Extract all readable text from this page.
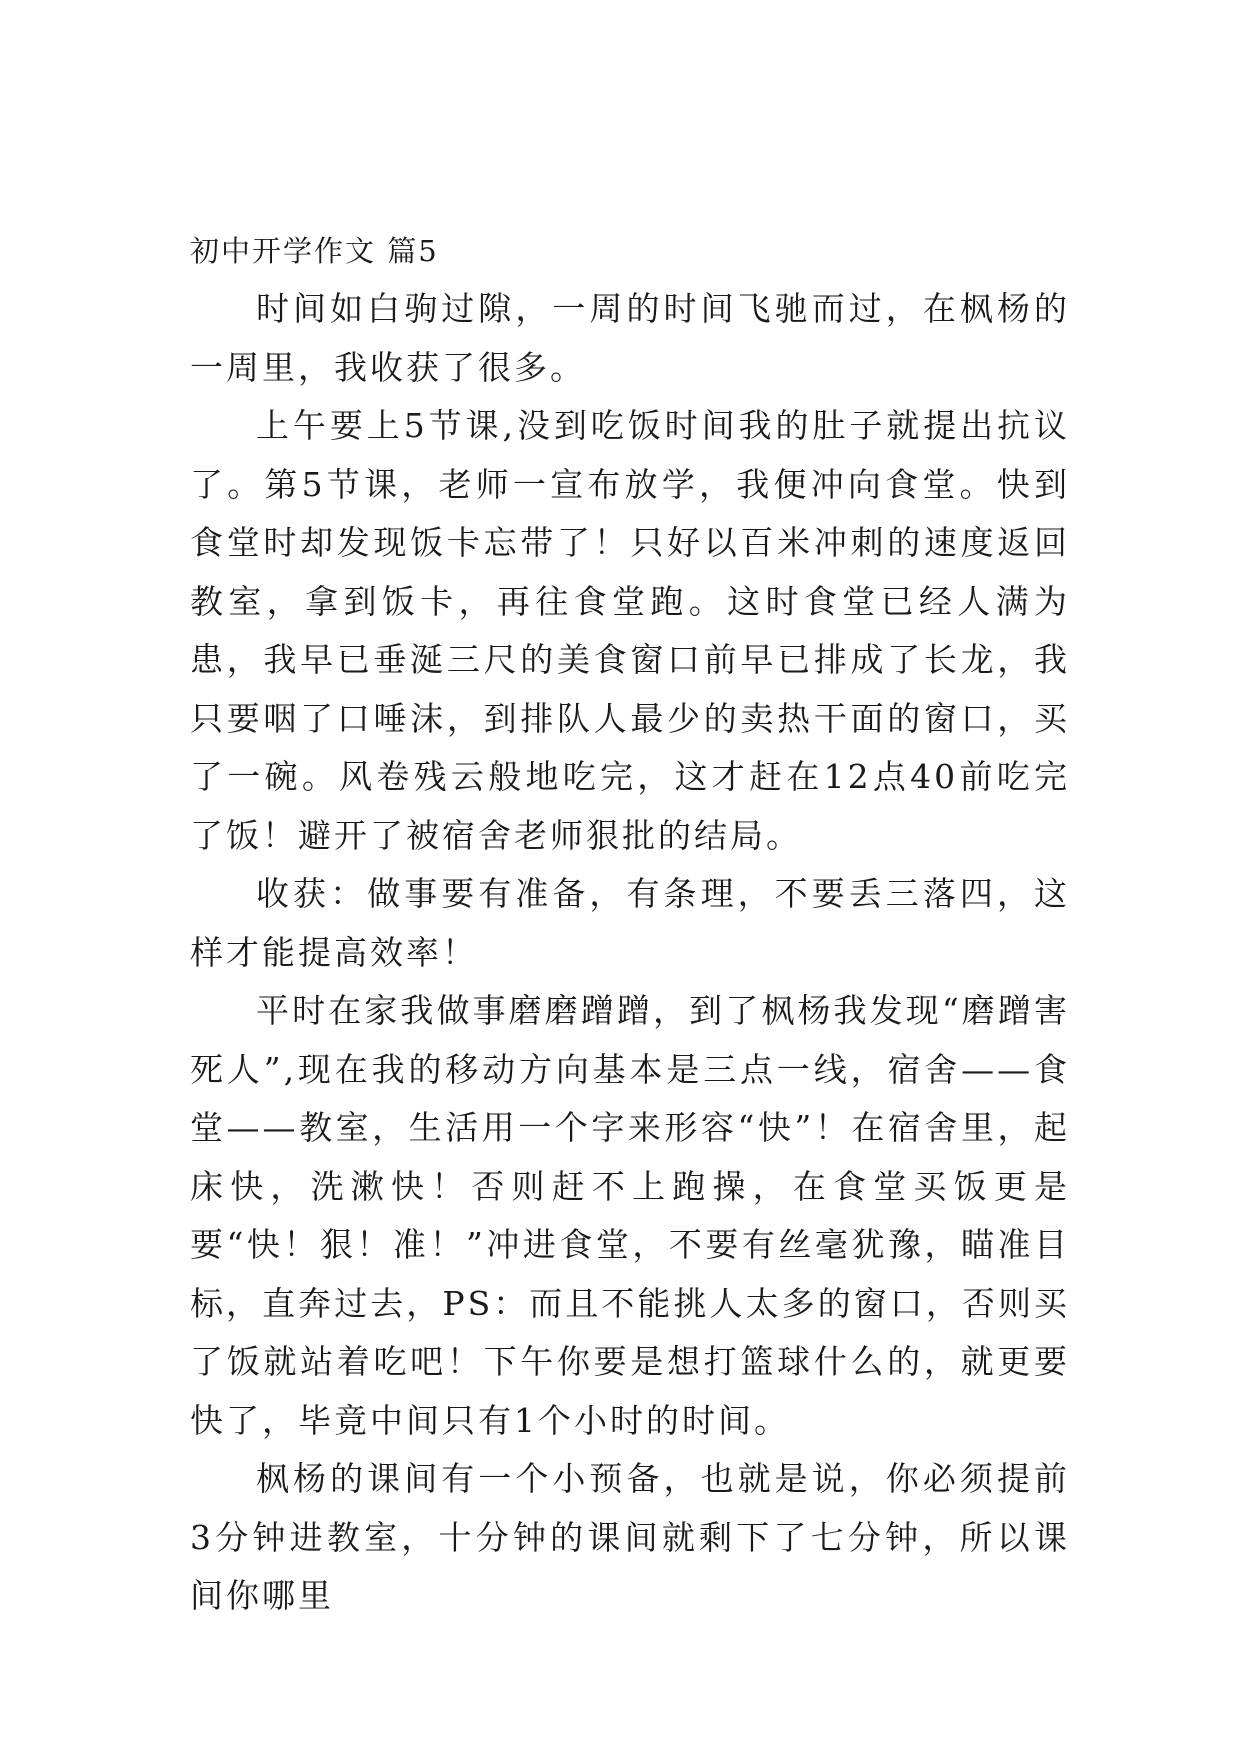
初中开学作文 篇5

时间如白驹过隙，一周的时间飞驰而过，在枫杨的一周里，我收获了很多。

上午要上5节课,没到吃饭时间我的肚子就提出抗议了。第5节课，老师一宣布放学，我便冲向食堂。快到食堂时却发现饭卡忘带了！只好以百米冲刺的速度返回教室，拿到饭卡，再往食堂跑。这时食堂已经人满为患，我早已垂涎三尺的美食窗口前早已排成了长龙，我只要咽了口唾沫，到排队人最少的卖热干面的窗口，买了一碗。风卷残云般地吃完，这才赶在12点40前吃完了饭！避开了被宿舍老师狠批的结局。

收获：做事要有准备，有条理，不要丢三落四，这样才能提高效率！

平时在家我做事磨磨蹭蹭，到了枫杨我发现“磨蹭害死人”,现在我的移动方向基本是三点一线，宿舍——食堂——教室，生活用一个字来形容“快”！在宿舍里，起床快，洗漱快！否则赶不上跑操，在食堂买饭更是要“快！狠！准！”冲进食堂，不要有丝毫犹豫，瞄准目标，直奔过去，PS：而且不能挑人太多的窗口，否则买了饭就站着吃吧！下午你要是想打篮球什么的，就更要快了，毕竟中间只有1个小时的时间。

枫杨的课间有一个小预备，也就是说，你必须提前3分钟进教室，十分钟的课间就剩下了七分钟，所以课间你哪里
